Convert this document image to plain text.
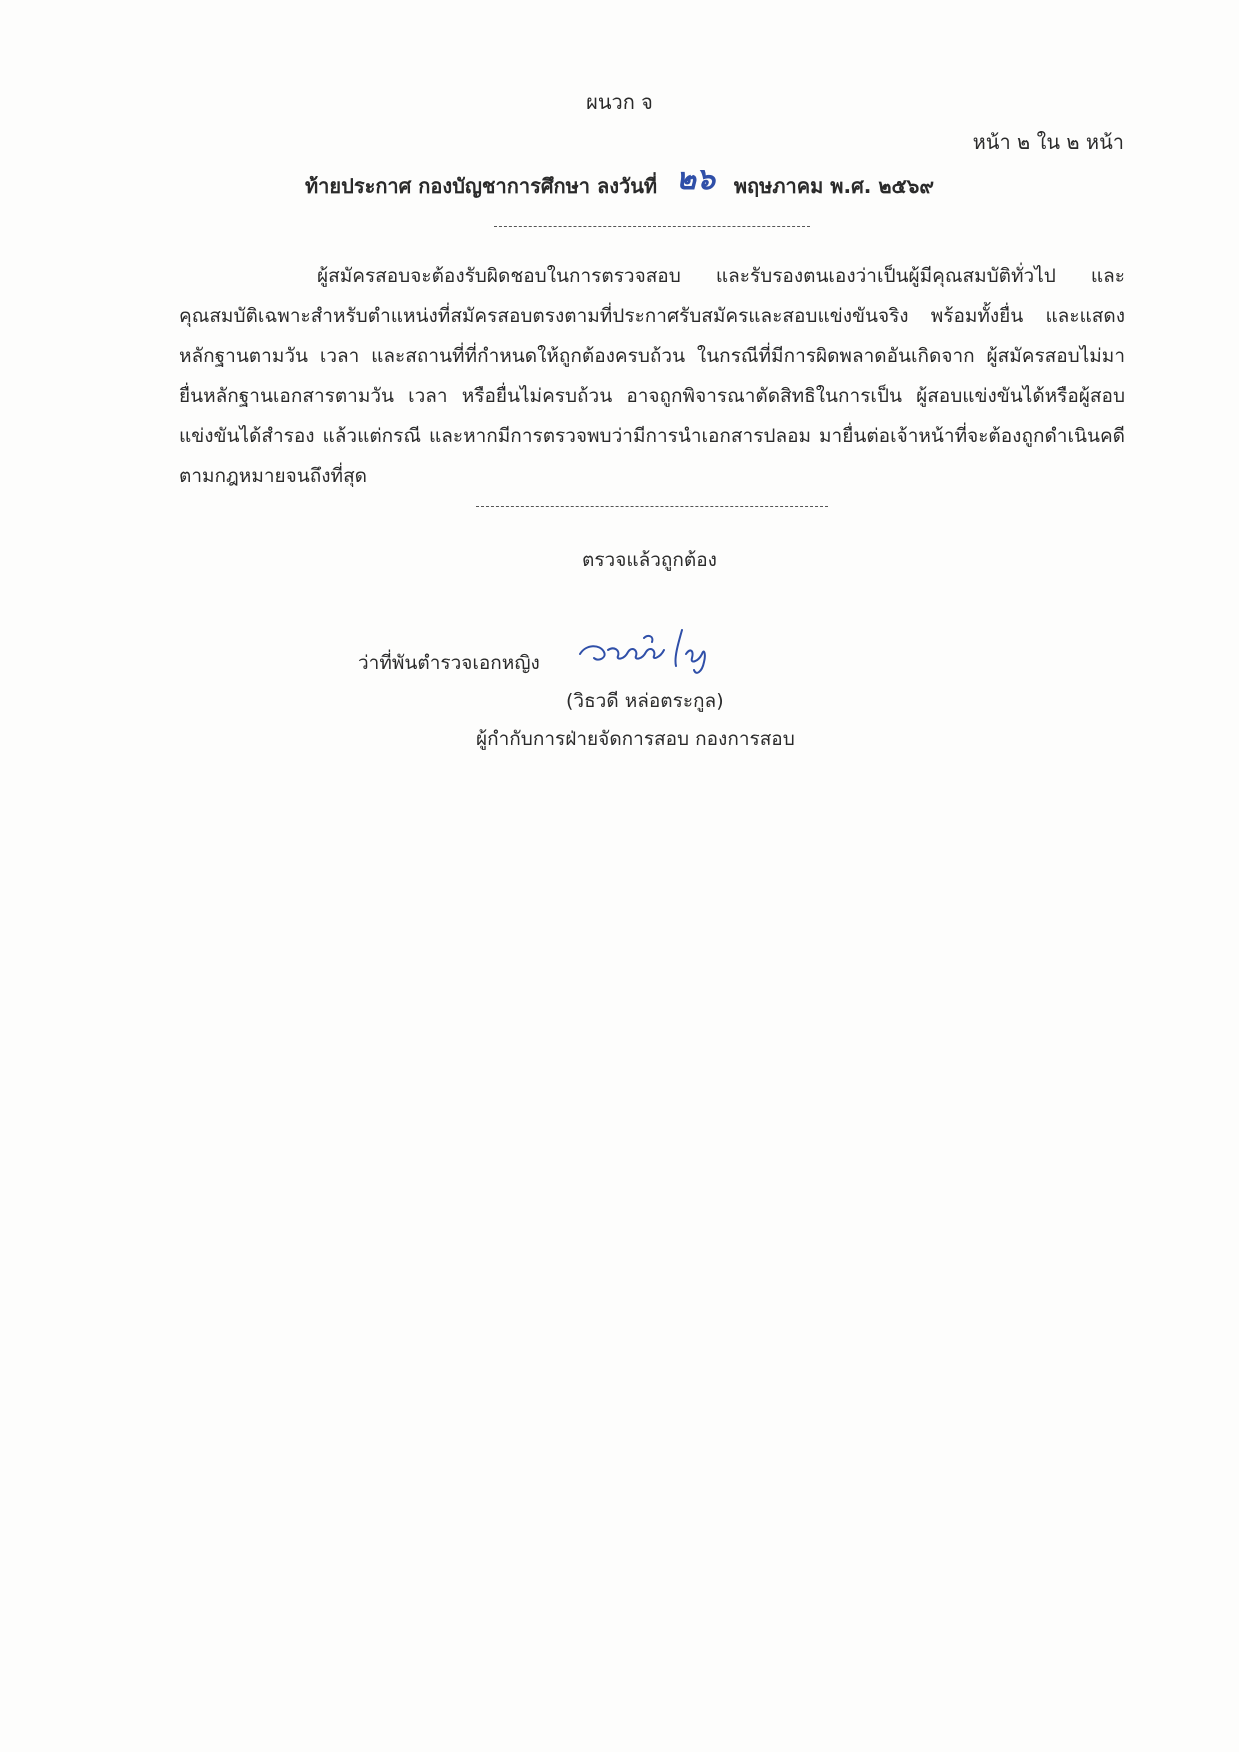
ผนวก จ
หน้า ๒ ใน ๒ หน้า
ท้ายประกาศ กองบัญชาการศึกษา ลงวันที่ ๒๖ พฤษภาคม พ.ศ. ๒๕๖๙
ผู้สมัครสอบจะต้องรับผิดชอบในการตรวจสอบ และรับรองตนเองว่าเป็นผู้มีคุณสมบัติทั่วไป และคุณสมบัติเฉพาะสำหรับตำแหน่งที่สมัครสอบตรงตามที่ประกาศรับสมัครและสอบแข่งขันจริง พร้อมทั้งยื่น และแสดงหลักฐานตามวัน เวลา และสถานที่ที่กำหนดให้ถูกต้องครบถ้วน ในกรณีที่มีการผิดพลาดอันเกิดจาก ผู้สมัครสอบไม่มายื่นหลักฐานเอกสารตามวัน เวลา หรือยื่นไม่ครบถ้วน อาจถูกพิจารณาตัดสิทธิในการเป็น ผู้สอบแข่งขันได้หรือผู้สอบแข่งขันได้สำรอง แล้วแต่กรณี และหากมีการตรวจพบว่ามีการนำเอกสารปลอม มายื่นต่อเจ้าหน้าที่จะต้องถูกดำเนินคดีตามกฎหมายจนถึงที่สุด
ตรวจแล้วถูกต้อง
ว่าที่พันตำรวจเอกหญิง
(วิธวดี หล่อตระกูล)
ผู้กำกับการฝ่ายจัดการสอบ กองการสอบ
